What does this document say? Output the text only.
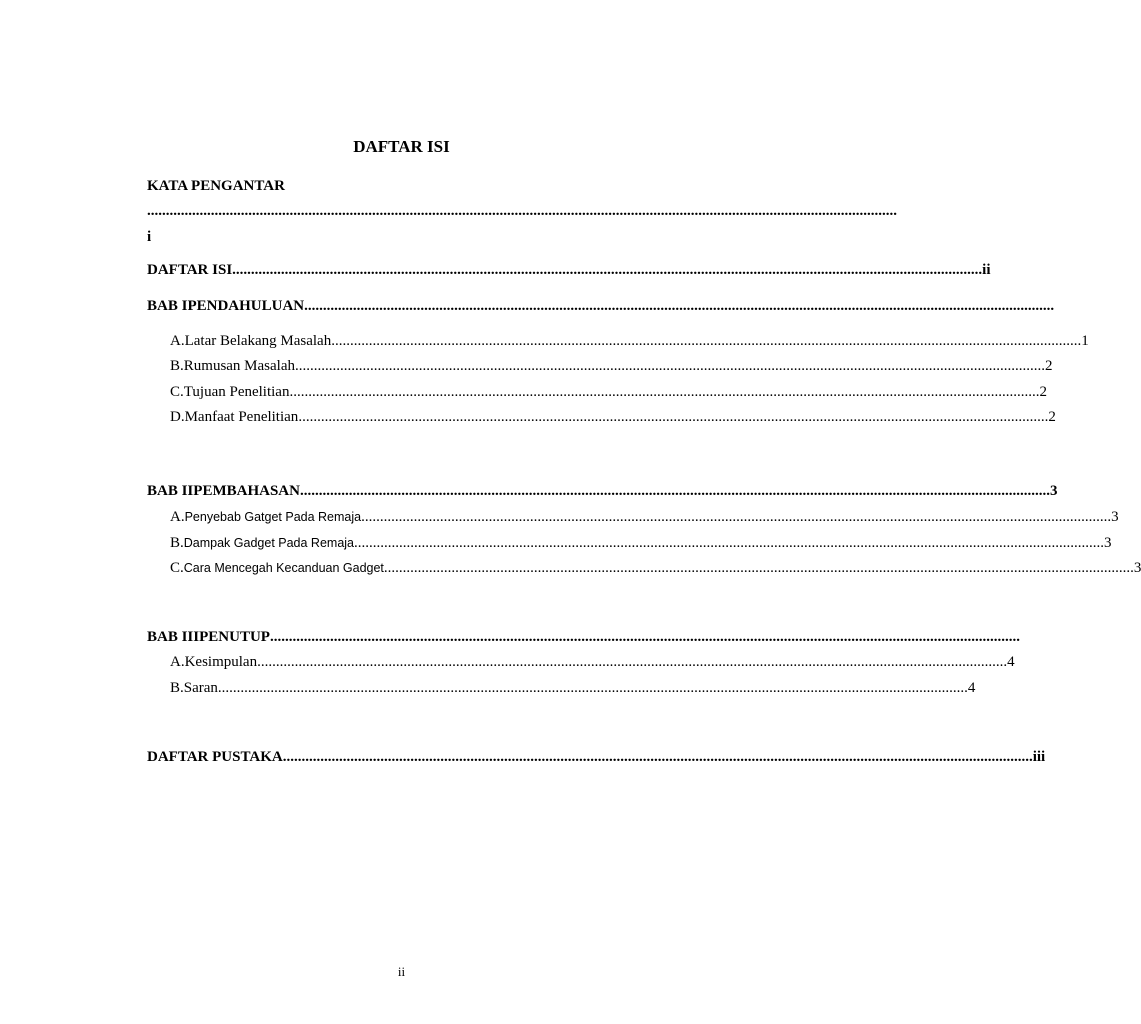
DAFTAR ISI
KATA PENGANTAR
........................................................................................................................................................................................................
i
DAFTAR ISI ........................................................................................................................................................................................................ ii
BAB I PENDAHULUAN ........................................................................................................................................................................................................
A. Latar Belakang Masalah ........................................................................................................................................................................................................ 1
B. Rumusan Masalah ........................................................................................................................................................................................................ 2
C. Tujuan Penelitian ........................................................................................................................................................................................................ 2
D. Manfaat Penelitian ........................................................................................................................................................................................................ 2
BAB II PEMBAHASAN ........................................................................................................................................................................................................ 3
A. Penyebab Gatget Pada Remaja ........................................................................................................................................................................................................ 3
B. Dampak Gadget Pada Remaja ........................................................................................................................................................................................................ 3
C. Cara Mencegah Kecanduan Gadget ........................................................................................................................................................................................................ 3
BAB III PENUTUP ........................................................................................................................................................................................................
A. Kesimpulan ........................................................................................................................................................................................................ 4
B. Saran ........................................................................................................................................................................................................ 4
DAFTAR PUSTAKA ........................................................................................................................................................................................................ iii
ii
